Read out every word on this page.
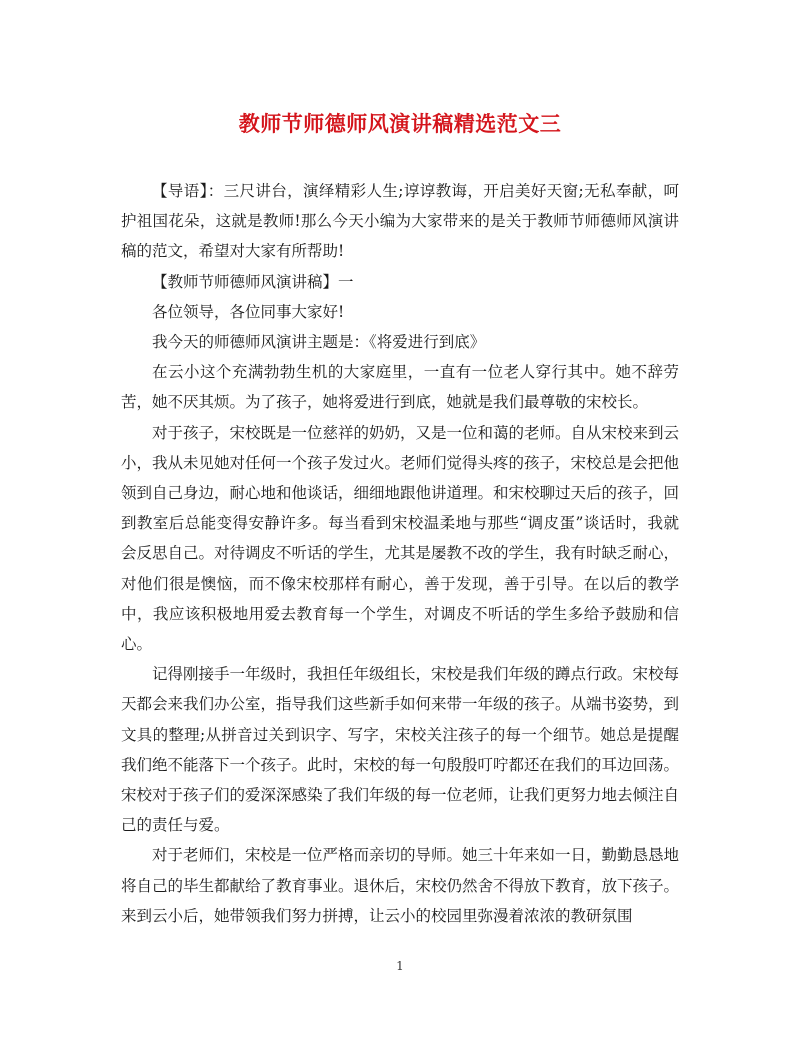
教师节师德师风演讲稿精选范文三

【导语】：三尺讲台，演绎精彩人生;谆谆教诲，开启美好天窗;无私奉献，呵护祖国花朵，这就是教师!那么今天小编为大家带来的是关于教师节师德师风演讲稿的范文，希望对大家有所帮助!

【教师节师德师风演讲稿】一

各位领导，各位同事大家好!

我今天的师德师风演讲主题是：《将爱进行到底》

在云小这个充满勃勃生机的大家庭里，一直有一位老人穿行其中。她不辞劳苦，她不厌其烦。为了孩子，她将爱进行到底，她就是我们最尊敬的宋校长。

对于孩子，宋校既是一位慈祥的奶奶，又是一位和蔼的老师。自从宋校来到云小，我从未见她对任何一个孩子发过火。老师们觉得头疼的孩子，宋校总是会把他领到自己身边，耐心地和他谈话，细细地跟他讲道理。和宋校聊过天后的孩子，回到教室后总能变得安静许多。每当看到宋校温柔地与那些“调皮蛋”谈话时，我就会反思自己。对待调皮不听话的学生，尤其是屡教不改的学生，我有时缺乏耐心，对他们很是懊恼，而不像宋校那样有耐心，善于发现，善于引导。在以后的教学中，我应该积极地用爱去教育每一个学生，对调皮不听话的学生多给予鼓励和信心。

记得刚接手一年级时，我担任年级组长，宋校是我们年级的蹲点行政。宋校每天都会来我们办公室，指导我们这些新手如何来带一年级的孩子。从端书姿势，到文具的整理;从拼音过关到识字、写字，宋校关注孩子的每一个细节。她总是提醒我们绝不能落下一个孩子。此时，宋校的每一句殷殷叮咛都还在我们的耳边回荡。宋校对于孩子们的爱深深感染了我们年级的每一位老师，让我们更努力地去倾注自己的责任与爱。

对于老师们，宋校是一位严格而亲切的导师。她三十年来如一日，勤勤恳恳地将自己的毕生都献给了教育事业。退休后，宋校仍然舍不得放下教育，放下孩子。来到云小后，她带领我们努力拼搏，让云小的校园里弥漫着浓浓的教研氛围

1
